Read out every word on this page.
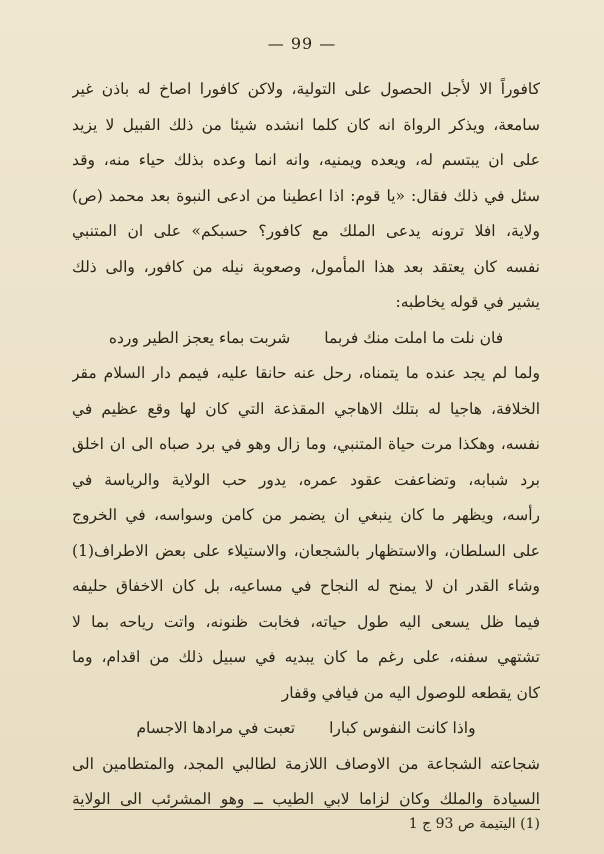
— 99 —
كافوراً الا لأجل الحصول على التولية، ولاكن كافورا اصاخ له باذن غير
سامعة، ويذكر الرواة انه كان كلما انشده شيئا من ذلك القبيل لا يزيد
على ان يبتسم له، ويعده ويمنيه، وانه انما وعده بذلك حياء منه، وقد
سئل في ذلك فقال: «يا قوم: اذا اعطينا من ادعى النبوة بعد محمد (ص)
ولاية، افلا ترونه يدعى الملك مع كافور؟ حسبكم» على ان المتنبي
نفسه كان يعتقد بعد هذا المأمول، وصعوبة نيله من كافور، والى ذلك
يشير في قوله يخاطبه:
فان نلت ما املت منك فربما
شربت بماء يعجز الطير ورده
ولما لم يجد عنده ما يتمناه، رحل عنه حانقا عليه، فيمم دار السلام مقر
الخلافة، هاجيا له بتلك الاهاجي المقذعة التي كان لها وقع عظيم في
نفسه، وهكذا مرت حياة المتنبي، وما زال وهو في برد صباه الى ان اخلق
برد شبابه، وتضاعفت عقود عمره، يدور حب الولاية والرياسة في
رأسه، ويظهر ما كان ينبغي ان يضمر من كامن وسواسه، في الخروج
على السلطان، والاستظهار بالشجعان، والاستيلاء على بعض الاطراف(1)
وشاء القدر ان لا يمنح له النجاح في مساعيه، بل كان الاخفاق حليفه
فيما ظل يسعى اليه طول حياته، فخابت ظنونه، واتت رياحه بما لا
تشتهي سفنه، على رغم ما كان يبديه في سبيل ذلك من اقدام، وما
كان يقطعه للوصول اليه من فيافي وقفار
واذا كانت النفوس كبارا
تعبت في مرادها الاجسام
شجاعته الشجاعة من الاوصاف اللازمة لطالبي المجد، والمتطامين الى
السيادة والملك وكان لزاما لابي الطيب ــ وهو المشرئب الى الولاية
(1) اليتيمة ص 93 ج 1
